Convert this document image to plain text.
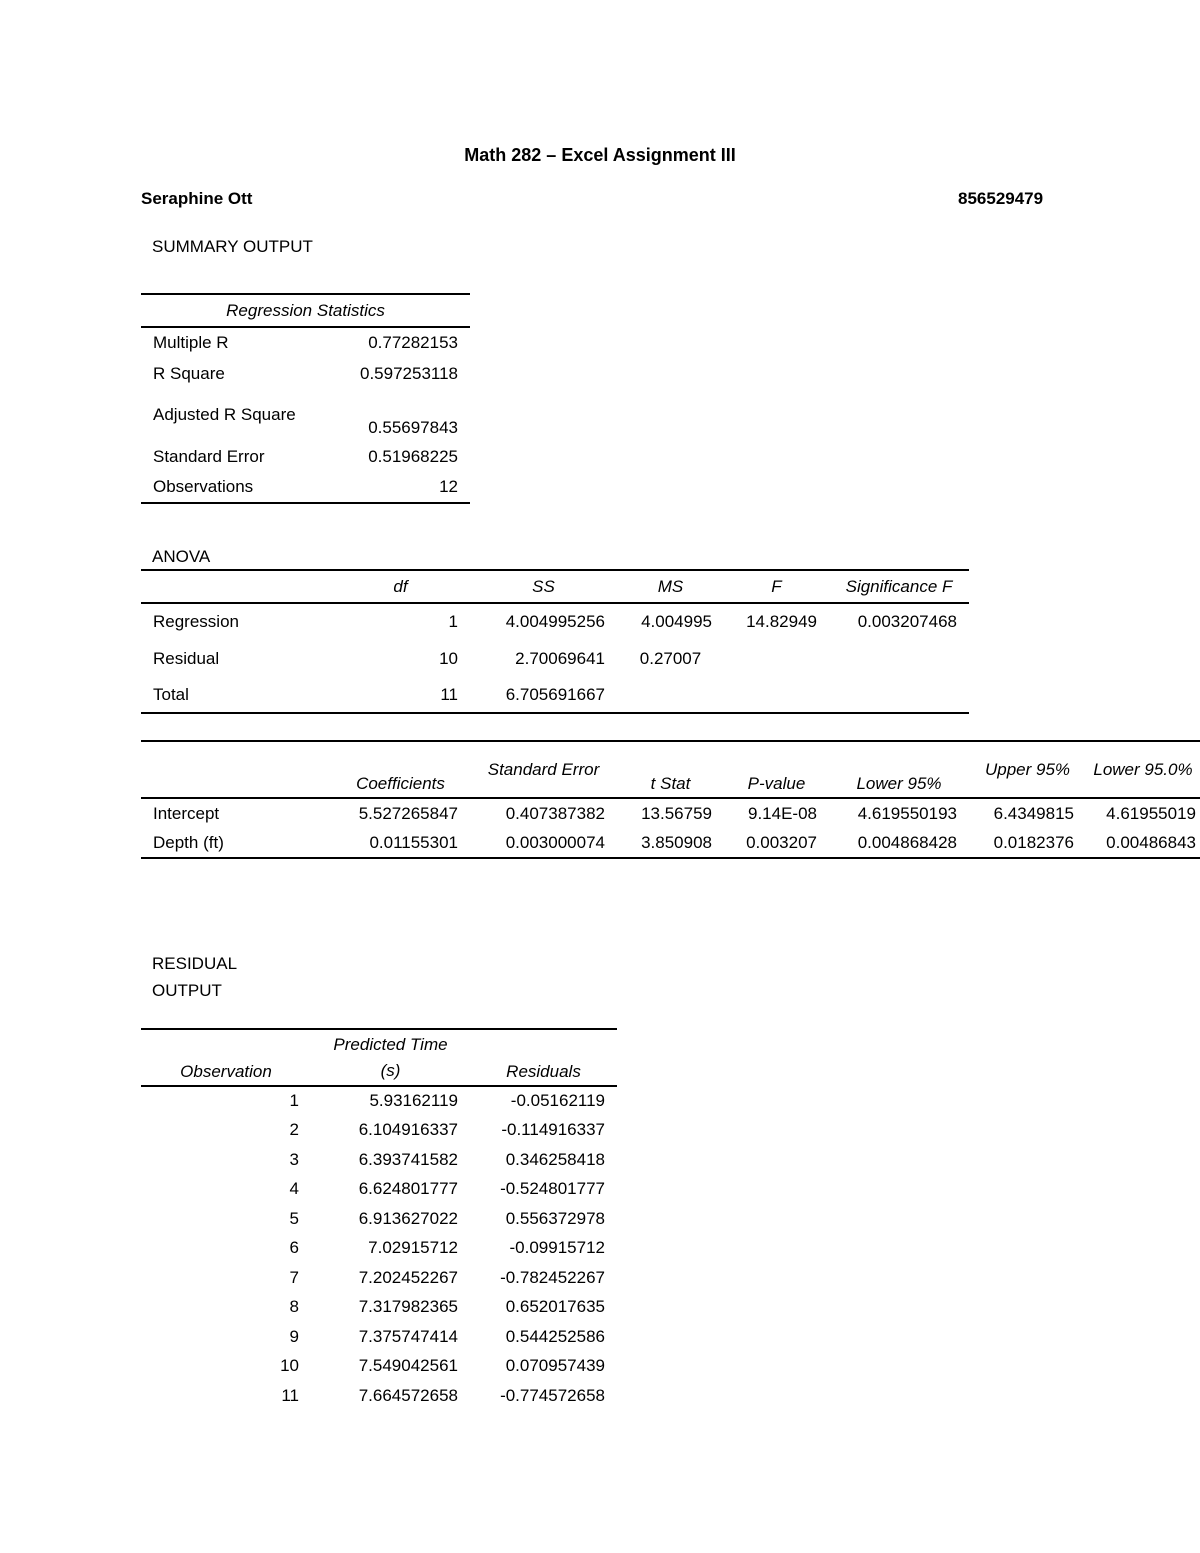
Math 282 – Excel Assignment III
Seraphine Ott	856529479
SUMMARY OUTPUT
Regression Statistics	
Multiple R	0.77282153
R Square	0.597253118
Adjusted R Square	0.55697843
Standard Error	0.51968225
Observations	12
ANOVA
	df	SS	MS	F	Significance F
Regression	1	4.004995256	4.004995	14.82949	0.003207468
Residual	10	2.70069641	0.27007		
Total	11	6.705691667			
	Coefficients	Standard Error	t Stat	P-value	Lower 95%	Upper 95%	Lower 95.0%
Intercept	5.527265847	0.407387382	13.56759	9.14E-08	4.619550193	6.4349815	4.61955019
Depth (ft)	0.01155301	0.003000074	3.850908	0.003207	0.004868428	0.0182376	0.00486843
RESIDUAL OUTPUT
Observation	Predicted Time (s)	Residuals
1	5.93162119	-0.05162119
2	6.104916337	-0.114916337
3	6.393741582	0.346258418
4	6.624801777	-0.524801777
5	6.913627022	0.556372978
6	7.02915712	-0.09915712
7	7.202452267	-0.782452267
8	7.317982365	0.652017635
9	7.375747414	0.544252586
10	7.549042561	0.070957439
11	7.664572658	-0.774572658
